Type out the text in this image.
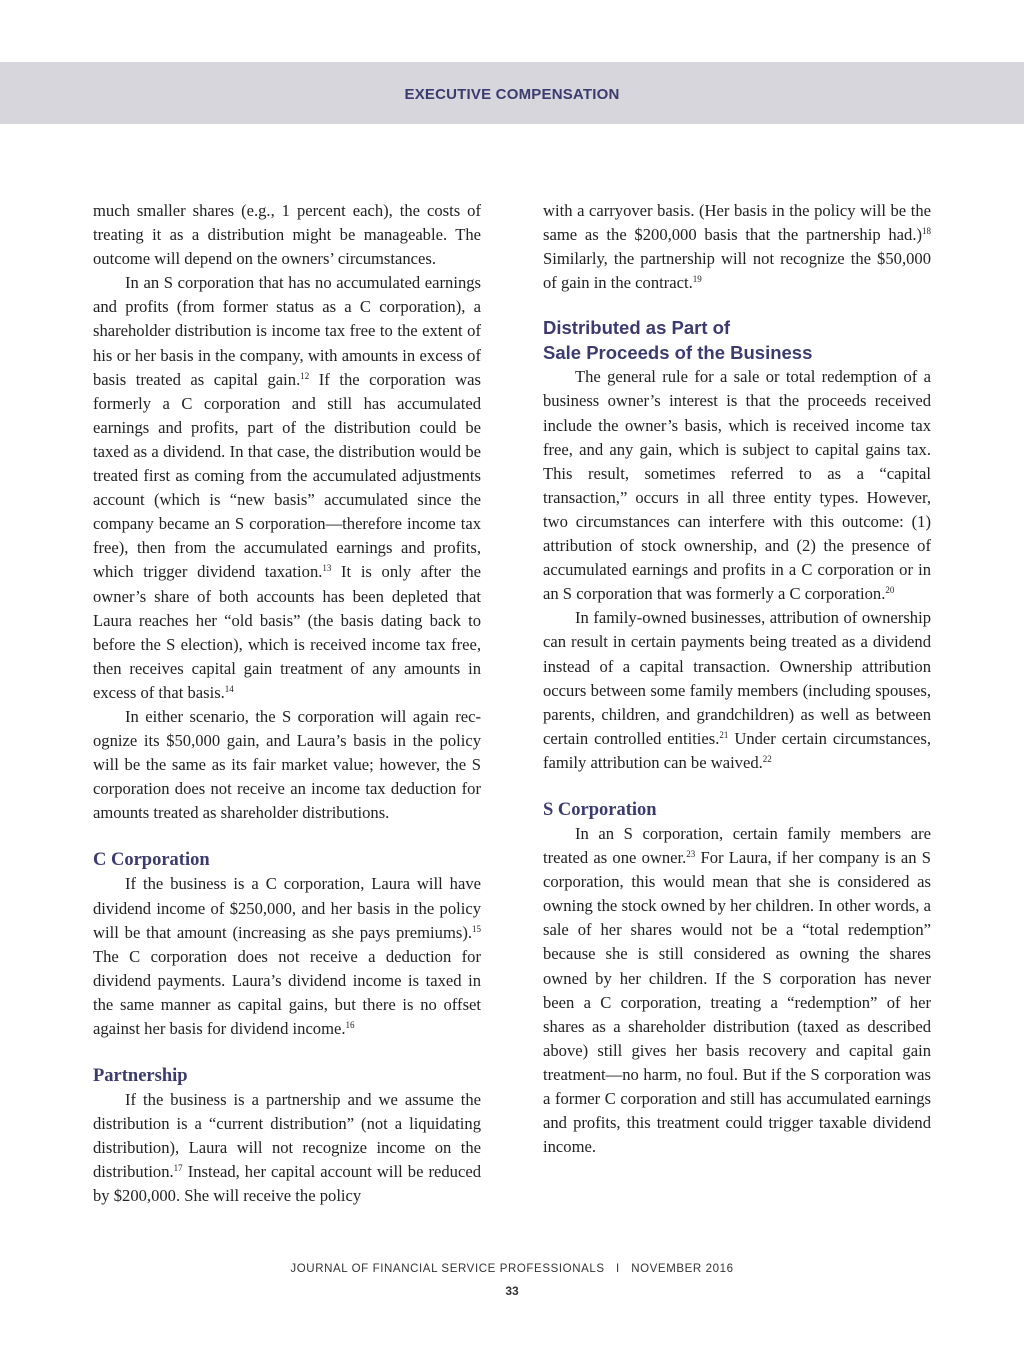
EXECUTIVE COMPENSATION

much smaller shares (e.g., 1 percent each), the costs of treating it as a distribution might be manageable. The outcome will depend on the owners’ circumstances.

In an S corporation that has no accumulated earnings and profits (from former status as a C corporation), a shareholder distribution is income tax free to the extent of his or her basis in the company, with amounts in excess of basis treated as capital gain.$^{12}$ If the corporation was formerly a C corporation and still has accumulated earnings and profits, part of the distribution could be taxed as a dividend. In that case, the distribution would be treated first as coming from the accumulated adjustments account (which is “new basis” accumulated since the company became an S corporation—therefore income tax free), then from the accumulated earnings and profits, which trigger dividend taxation.$^{13}$ It is only after the owner’s share of both accounts has been depleted that Laura reaches her “old basis” (the basis dating back to before the S election), which is received income tax free, then receives capital gain treatment of any amounts in excess of that basis.$^{14}$

In either scenario, the S corporation will again recognize its $50,000 gain, and Laura’s basis in the policy will be the same as its fair market value; however, the S corporation does not receive an income tax deduction for amounts treated as shareholder distributions.

C Corporation

If the business is a C corporation, Laura will have dividend income of $250,000, and her basis in the policy will be that amount (increasing as she pays premiums).$^{15}$ The C corporation does not receive a deduction for dividend payments. Laura’s dividend income is taxed in the same manner as capital gains, but there is no offset against her basis for dividend income.$^{16}$

Partnership

If the business is a partnership and we assume the distribution is a “current distribution” (not a liquidating distribution), Laura will not recognize income on the distribution.$^{17}$ Instead, her capital account will be reduced by $200,000. She will receive the policy

with a carryover basis. (Her basis in the policy will be the same as the $200,000 basis that the partnership had.)$^{18}$ Similarly, the partnership will not recognize the $50,000 of gain in the contract.$^{19}$

Distributed as Part of
Sale Proceeds of the Business

The general rule for a sale or total redemption of a business owner’s interest is that the proceeds received include the owner’s basis, which is received income tax free, and any gain, which is subject to capital gains tax. This result, sometimes referred to as a “capital transaction,” occurs in all three entity types. However, two circumstances can interfere with this outcome: (1) attribution of stock ownership, and (2) the presence of accumulated earnings and profits in a C corporation or in an S corporation that was formerly a C corporation.$^{20}$

In family-owned businesses, attribution of ownership can result in certain payments being treated as a dividend instead of a capital transaction. Ownership attribution occurs between some family members (including spouses, parents, children, and grandchildren) as well as between certain controlled entities.$^{21}$ Under certain circumstances, family attribution can be waived.$^{22}$

S Corporation

In an S corporation, certain family members are treated as one owner.$^{23}$ For Laura, if her company is an S corporation, this would mean that she is considered as owning the stock owned by her children. In other words, a sale of her shares would not be a “total redemption” because she is still considered as owning the shares owned by her children. If the S corporation has never been a C corporation, treating a “redemption” of her shares as a shareholder distribution (taxed as described above) still gives her basis recovery and capital gain treatment—no harm, no foul. But if the S corporation was a former C corporation and still has accumulated earnings and profits, this treatment could trigger taxable dividend income.

JOURNAL OF FINANCIAL SERVICE PROFESSIONALS   I   NOVEMBER 2016
33
